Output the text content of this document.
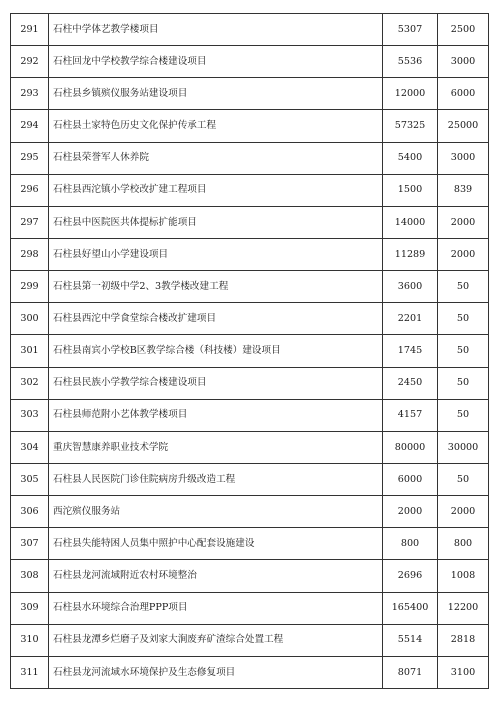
291	石柱中学体艺教学楼项目	5307	2500
292	石柱回龙中学校教学综合楼建设项目	5536	3000
293	石柱县乡镇殡仪服务站建设项目	12000	6000
294	石柱县土家特色历史文化保护传承工程	57325	25000
295	石柱县荣誉军人休养院	5400	3000
296	石柱县西沱镇小学校改扩建工程项目	1500	839
297	石柱县中医院医共体提标扩能项目	14000	2000
298	石柱县好望山小学建设项目	11289	2000
299	石柱县第一初级中学2、3教学楼改建工程	3600	50
300	石柱县西沱中学食堂综合楼改扩建项目	2201	50
301	石柱县南宾小学校B区教学综合楼（科技楼）建设项目	1745	50
302	石柱县民族小学教学综合楼建设项目	2450	50
303	石柱县师范附小艺体教学楼项目	4157	50
304	重庆智慧康养职业技术学院	80000	30000
305	石柱县人民医院门诊住院病房升级改造工程	6000	50
306	西沱殡仪服务站	2000	2000
307	石柱县失能特困人员集中照护中心配套设施建设	800	800
308	石柱县龙河流域附近农村环境整治	2696	1008
309	石柱县水环境综合治理PPP项目	165400	12200
310	石柱县龙潭乡烂磨子及刘家大涧废弃矿渣综合处置工程	5514	2818
311	石柱县龙河流域水环境保护及生态修复项目	8071	3100
